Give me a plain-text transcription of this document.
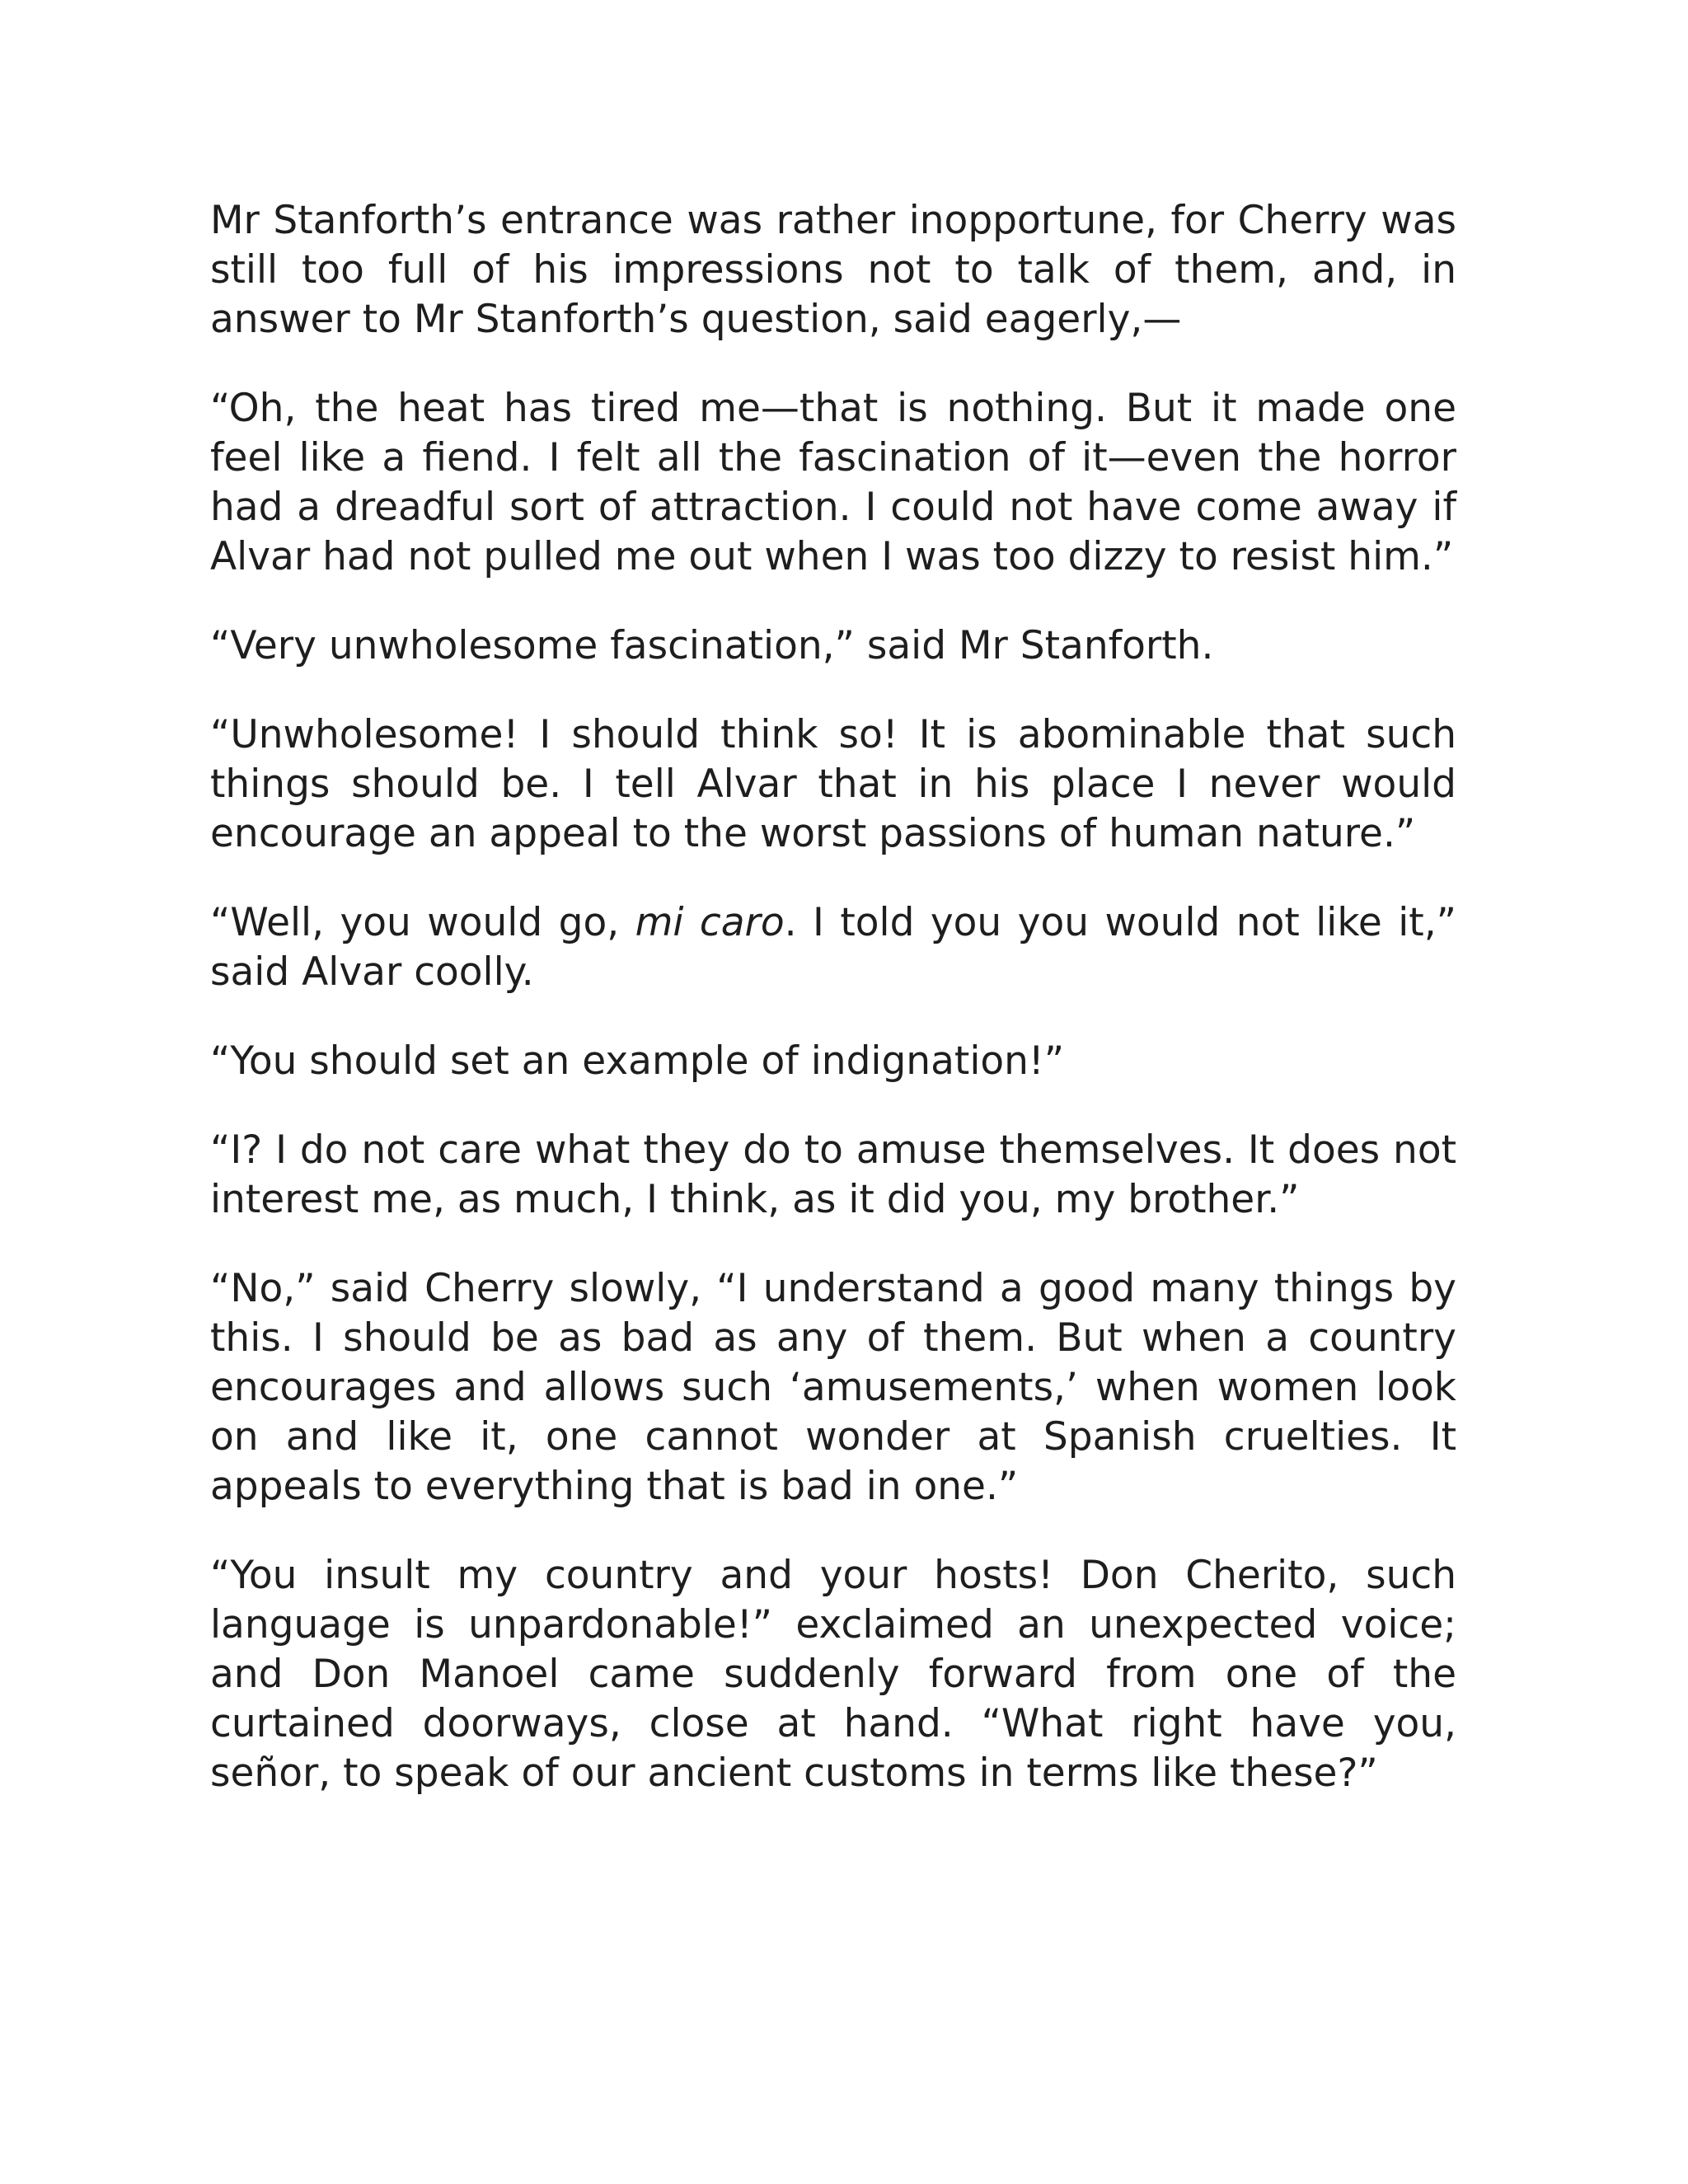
Mr Stanforth’s entrance was rather inopportune, for Cherry was still too full of his impressions not to talk of them, and, in answer to Mr Stanforth’s question, said eagerly,—

“Oh, the heat has tired me—that is nothing. But it made one feel like a fiend. I felt all the fascination of it—even the horror had a dreadful sort of attraction. I could not have come away if Alvar had not pulled me out when I was too dizzy to resist him.”

“Very unwholesome fascination,” said Mr Stanforth.

“Unwholesome! I should think so! It is abominable that such things should be. I tell Alvar that in his place I never would encourage an appeal to the worst passions of human nature.”

“Well, you would go, mi caro. I told you you would not like it,” said Alvar coolly.

“You should set an example of indignation!”

“I? I do not care what they do to amuse themselves. It does not interest me, as much, I think, as it did you, my brother.”

“No,” said Cherry slowly, “I understand a good many things by this. I should be as bad as any of them. But when a country encourages and allows such ‘amusements,’ when women look on and like it, one cannot wonder at Spanish cruelties. It appeals to everything that is bad in one.”

“You insult my country and your hosts! Don Cherito, such language is unpardonable!” exclaimed an unexpected voice; and Don Manoel came suddenly forward from one of the curtained doorways, close at hand. “What right have you, señor, to speak of our ancient customs in terms like these?”
